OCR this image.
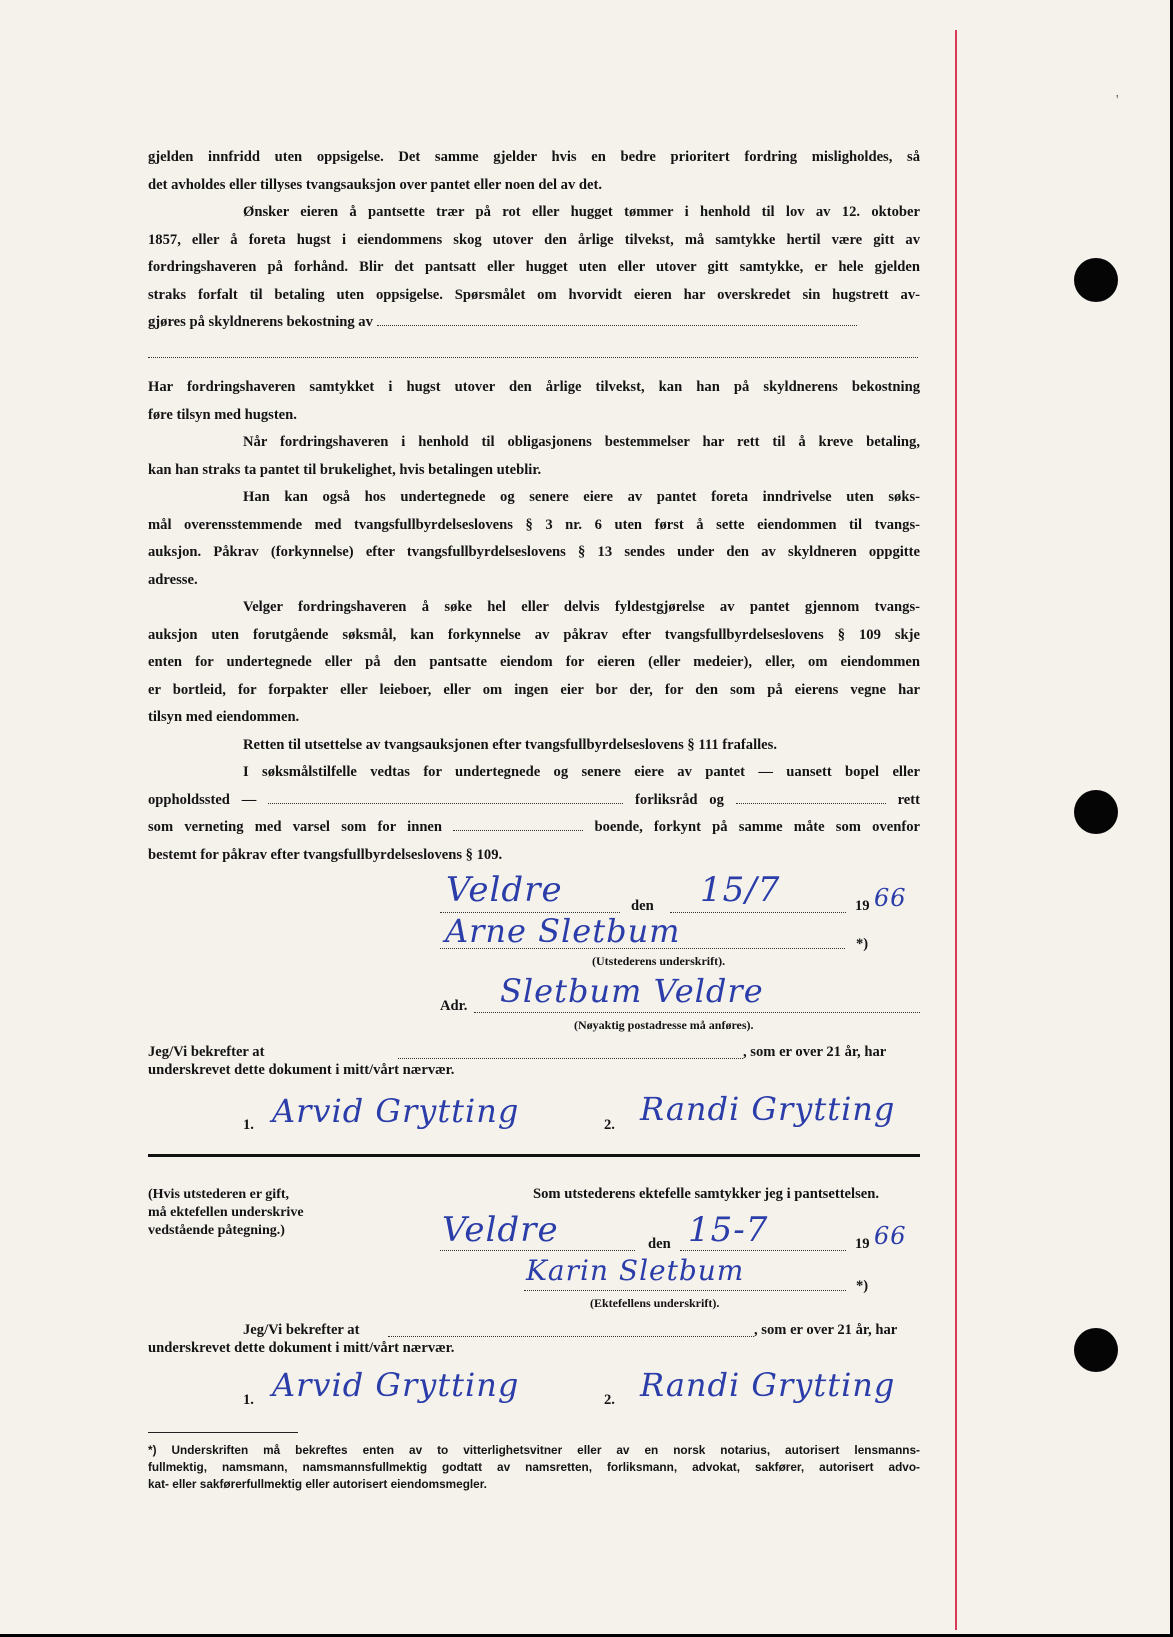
'
gjelden innfridd uten oppsigelse. Det samme gjelder hvis en bedre prioritert fordring misligholdes, så
det avholdes eller tillyses tvangsauksjon over pantet eller noen del av det.
Ønsker eieren å pantsette trær på rot eller hugget tømmer i henhold til lov av 12. oktober
1857, eller å foreta hugst i eiendommens skog utover den årlige tilvekst, må samtykke hertil være gitt av
fordringshaveren på forhånd. Blir det pantsatt eller hugget uten eller utover gitt samtykke, er hele gjelden
straks forfalt til betaling uten oppsigelse. Spørsmålet om hvorvidt eieren har overskredet sin hugstrett av-
gjøres på skyldnerens bekostning av
Har fordringshaveren samtykket i hugst utover den årlige tilvekst, kan han på skyldnerens bekostning
føre tilsyn med hugsten.
Når fordringshaveren i henhold til obligasjonens bestemmelser har rett til å kreve betaling,
kan han straks ta pantet til brukelighet, hvis betalingen uteblir.
Han kan også hos undertegnede og senere eiere av pantet foreta inndrivelse uten søks-
mål overensstemmende med tvangsfullbyrdelseslovens § 3 nr. 6 uten først å sette eiendommen til tvangs-
auksjon. Påkrav (forkynnelse) efter tvangsfullbyrdelseslovens § 13 sendes under den av skyldneren oppgitte
adresse.
Velger fordringshaveren å søke hel eller delvis fyldestgjørelse av pantet gjennom tvangs-
auksjon uten forutgående søksmål, kan forkynnelse av påkrav efter tvangsfullbyrdelseslovens § 109 skje
enten for undertegnede eller på den pantsatte eiendom for eieren (eller medeier), eller, om eiendommen
er bortleid, for forpakter eller leieboer, eller om ingen eier bor der, for den som på eierens vegne har
tilsyn med eiendommen.
Retten til utsettelse av tvangsauksjonen efter tvangsfullbyrdelseslovens § 111 frafalles.
I søksmålstilfelle vedtas for undertegnede og senere eiere av pantet — uansett bopel eller
oppholdssted —	forliksråd og	rett
som verneting med varsel som for innen	boende, forkynt på samme måte som ovenfor
bestemt for påkrav efter tvangsfullbyrdelseslovens § 109.
Veldre	den 15/7	19 66
Arne Sletbum	*)
(Utstederens underskrift).
Adr. Sletbum Veldre
(Nøyaktig postadresse må anføres).
Jeg/Vi bekrefter at	, som er over 21 år, har
underskrevet dette dokument i mitt/vårt nærvær.
1. Arvid Grytting	2. Randi Grytting
(Hvis utstederen er gift,
må ektefellen underskrive
vedstående påtegning.)
Som utstederens ektefelle samtykker jeg i pantsettelsen.
Veldre	den 15-7	19 66
Karin Sletbum	*)
(Ektefellens underskrift).
Jeg/Vi bekrefter at	, som er over 21 år, har
underskrevet dette dokument i mitt/vårt nærvær.
1. Arvid Grytting	2. Randi Grytting
*) Underskriften må bekreftes enten av to vitterlighetsvitner eller av en norsk notarius, autorisert lensmanns-
fullmektig, namsmann, namsmannsfullmektig godtatt av namsretten, forliksmann, advokat, sakfører, autorisert advo-
kat- eller sakførerfullmektig eller autorisert eiendomsmegler.
